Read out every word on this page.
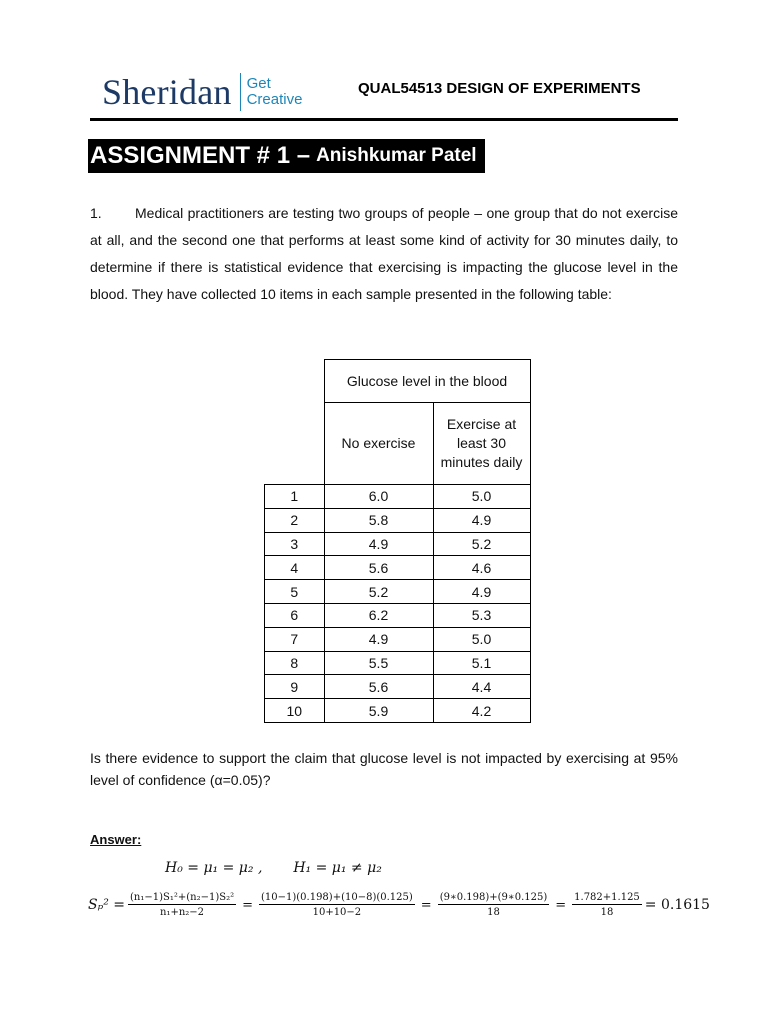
Sheridan Get
Creative
QUAL54513 DESIGN OF EXPERIMENTS
ASSIGNMENT # 1 – Anishkumar Patel

1. Medical practitioners are testing two groups of people – one group that do not exercise at all, and the second one that performs at least some kind of activity for 30 minutes daily, to determine if there is statistical evidence that exercising is impacting the glucose level in the blood. They have collected 10 items in each sample presented in the following table:

	Glucose level in the blood	
	No exercise	Exercise at least 30 minutes daily
1	6.0	5.0
2	5.8	4.9
3	4.9	5.2
4	5.6	4.6
5	5.2	4.9
6	6.2	5.3
7	4.9	5.0
8	5.5	5.1
9	5.6	4.4
10	5.9	4.2

Is there evidence to support the claim that glucose level is not impacted by exercising at 95% level of confidence (α=0.05)?

Answer:
H₀ = μ₁ = μ₂ , H₁ = μ₁ ≠ μ₂
$S_p^2 = \frac{\text{(n₁−1)S₁²+(n₂−1)S₂²}}{\text{n₁+n₂−2}} = \frac{(10-1)(0.198)+(10-8)(0.125)}{10+10-2} = \frac{(9∗0.198)+(9∗0.125)}{18} = \frac{1.782+1.125}{18} = 0.1615$
